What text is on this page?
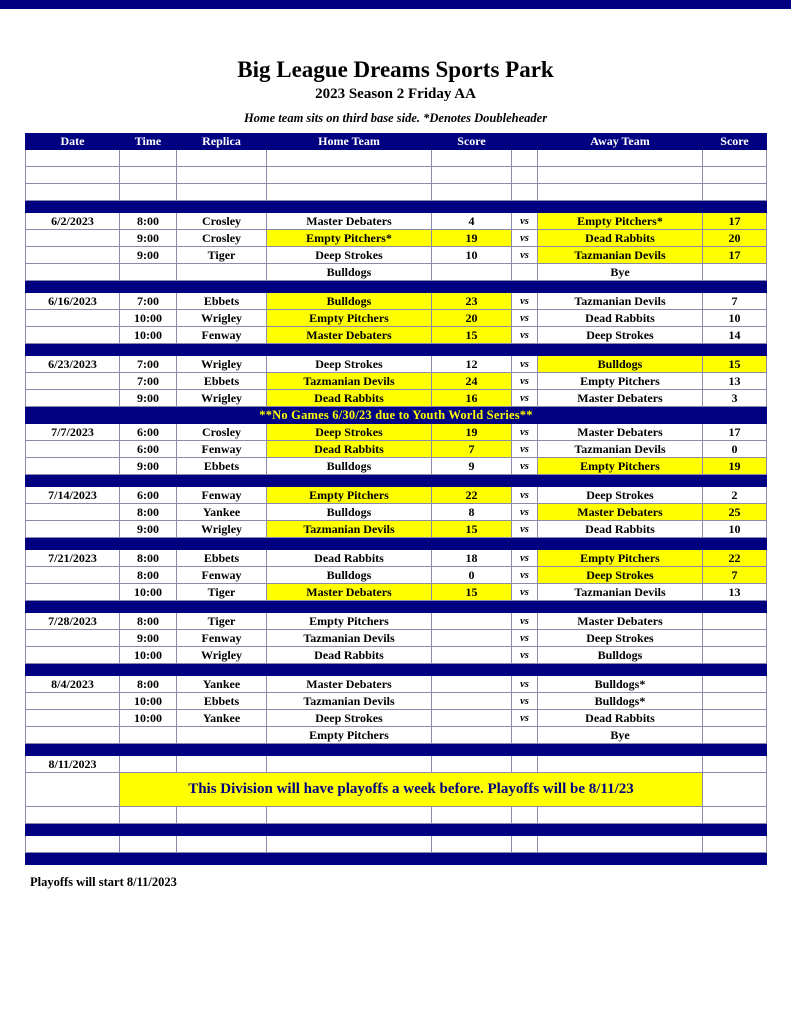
Big League Dreams Sports Park
2023 Season 2 Friday AA
Home team sits on third base side. *Denotes Doubleheader
Date	Time	Replica	Home Team	Score		Away Team	Score

6/2/2023	8:00	Crosley	Master Debaters	4	vs	Empty Pitchers*	17
	9:00	Crosley	Empty Pitchers*	19	vs	Dead Rabbits	20
	9:00	Tiger	Deep Strokes	10	vs	Tazmanian Devils	17
			Bulldogs			Bye	

6/16/2023	7:00	Ebbets	Bulldogs	23	vs	Tazmanian Devils	7
	10:00	Wrigley	Empty Pitchers	20	vs	Dead Rabbits	10
	10:00	Fenway	Master Debaters	15	vs	Deep Strokes	14

6/23/2023	7:00	Wrigley	Deep Strokes	12	vs	Bulldogs	15
	7:00	Ebbets	Tazmanian Devils	24	vs	Empty Pitchers	13
	9:00	Wrigley	Dead Rabbits	16	vs	Master Debaters	3
**No Games 6/30/23 due to Youth World Series**							
7/7/2023	6:00	Crosley	Deep Strokes	19	vs	Master Debaters	17
	6:00	Fenway	Dead Rabbits	7	vs	Tazmanian Devils	0
	9:00	Ebbets	Bulldogs	9	vs	Empty Pitchers	19

7/14/2023	6:00	Fenway	Empty Pitchers	22	vs	Deep Strokes	2
	8:00	Yankee	Bulldogs	8	vs	Master Debaters	25
	9:00	Wrigley	Tazmanian Devils	15	vs	Dead Rabbits	10

7/21/2023	8:00	Ebbets	Dead Rabbits	18	vs	Empty Pitchers	22
	8:00	Fenway	Bulldogs	0	vs	Deep Strokes	7
	10:00	Tiger	Master Debaters	15	vs	Tazmanian Devils	13

7/28/2023	8:00	Tiger	Empty Pitchers		vs	Master Debaters	
	9:00	Fenway	Tazmanian Devils		vs	Deep Strokes	
	10:00	Wrigley	Dead Rabbits		vs	Bulldogs	

8/4/2023	8:00	Yankee	Master Debaters		vs	Bulldogs*	
	10:00	Ebbets	Tazmanian Devils		vs	Bulldogs*	
	10:00	Yankee	Deep Strokes		vs	Dead Rabbits	
			Empty Pitchers			Bye	

8/11/2023							
	This Division will have playoffs a week before. Playoffs will be 8/11/23						

Playoffs will start 8/11/2023
